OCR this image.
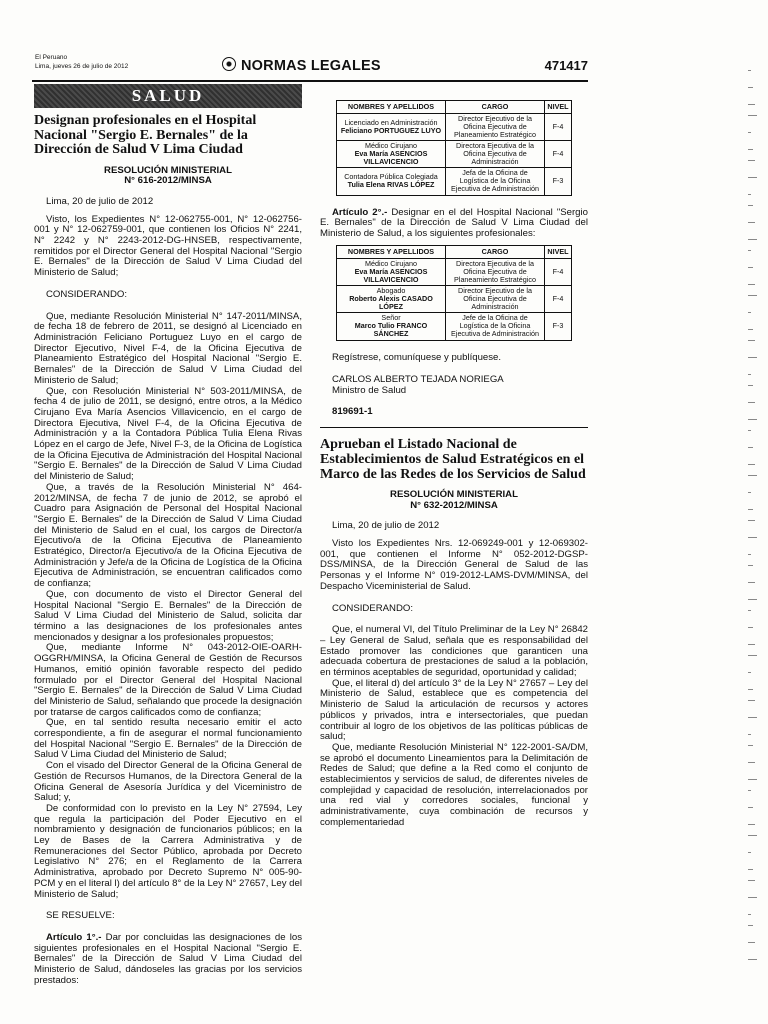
El Peruano
Lima, jueves 26 de julio de 2012	NORMAS LEGALES	471417
SALUD
Designan profesionales en el Hospital Nacional "Sergio E. Bernales" de la Dirección de Salud V Lima Ciudad
RESOLUCIÓN MINISTERIAL
N° 616-2012/MINSA

Lima, 20 de julio de 2012

Visto, los Expedientes N° 12-062755-001, N° 12-062756-001 y N° 12-062759-001, que contienen los Oficios N° 2241, N° 2242 y N° 2243-2012-DG-HNSEB, respectivamente, remitidos por el Director General del Hospital Nacional "Sergio E. Bernales" de la Dirección de Salud V Lima Ciudad del Ministerio de Salud;

CONSIDERANDO:

Que, mediante Resolución Ministerial N° 147-2011/MINSA, de fecha 18 de febrero de 2011, se designó al Licenciado en Administración Feliciano Portuguez Luyo en el cargo de Director Ejecutivo, Nivel F-4, de la Oficina Ejecutiva de Planeamiento Estratégico del Hospital Nacional "Sergio E. Bernales" de la Dirección de Salud V Lima Ciudad del Ministerio de Salud;

Que, con Resolución Ministerial N° 503-2011/MINSA, de fecha 4 de julio de 2011, se designó, entre otros, a la Médico Cirujano Eva María Asencios Villavicencio, en el cargo de Directora Ejecutiva, Nivel F-4, de la Oficina Ejecutiva de Administración y a la Contadora Pública Tulia Elena Rivas López en el cargo de Jefe, Nivel F-3, de la Oficina de Logística de la Oficina Ejecutiva de Administración del Hospital Nacional "Sergio E. Bernales" de la Dirección de Salud V Lima Ciudad del Ministerio de Salud;

Que, a través de la Resolución Ministerial N° 464-2012/MINSA, de fecha 7 de junio de 2012, se aprobó el Cuadro para Asignación de Personal del Hospital Nacional "Sergio E. Bernales" de la Dirección de Salud V Lima Ciudad del Ministerio de Salud en el cual, los cargos de Director/a Ejecutivo/a de la Oficina Ejecutiva de Planeamiento Estratégico, Director/a Ejecutivo/a de la Oficina Ejecutiva de Administración y Jefe/a de la Oficina de Logística de la Oficina Ejecutiva de Administración, se encuentran calificados como de confianza;

Que, con documento de visto el Director General del Hospital Nacional "Sergio E. Bernales" de la Dirección de Salud V Lima Ciudad del Ministerio de Salud, solicita dar término a las designaciones de los profesionales antes mencionados y designar a los profesionales propuestos;

Que, mediante Informe N° 043-2012-OIE-OARH-OGGRH/MINSA, la Oficina General de Gestión de Recursos Humanos, emitió opinión favorable respecto del pedido formulado por el Director General del Hospital Nacional "Sergio E. Bernales" de la Dirección de Salud V Lima Ciudad del Ministerio de Salud, señalando que procede la designación por tratarse de cargos calificados como de confianza;

Que, en tal sentido resulta necesario emitir el acto correspondiente, a fin de asegurar el normal funcionamiento del Hospital Nacional "Sergio E. Bernales" de la Dirección de Salud V Lima Ciudad del Ministerio de Salud;

Con el visado del Director General de la Oficina General de Gestión de Recursos Humanos, de la Directora General de la Oficina General de Asesoría Jurídica y del Viceministro de Salud; y,

De conformidad con lo previsto en la Ley N° 27594, Ley que regula la participación del Poder Ejecutivo en el nombramiento y designación de funcionarios públicos; en la Ley de Bases de la Carrera Administrativa y de Remuneraciones del Sector Público, aprobada por Decreto Legislativo N° 276; en el Reglamento de la Carrera Administrativa, aprobado por Decreto Supremo N° 005-90-PCM y en el literal l) del artículo 8° de la Ley N° 27657, Ley del Ministerio de Salud;

SE RESUELVE:

Artículo 1°.- Dar por concluidas las designaciones de los siguientes profesionales en el Hospital Nacional "Sergio E. Bernales" de la Dirección de Salud V Lima Ciudad del Ministerio de Salud, dándoseles las gracias por los servicios prestados:

NOMBRES Y APELLIDOS	CARGO	NIVEL
Licenciado en Administración
Feliciano PORTUGUEZ LUYO	Director Ejecutivo de la Oficina Ejecutiva de Planeamiento Estratégico	F-4
Médico Cirujano
Eva María ASENCIOS VILLAVICENCIO	Directora Ejecutiva de la Oficina Ejecutiva de Administración	F-4
Contadora Pública Colegiada
Tulia Elena RIVAS LÓPEZ	Jefa de la Oficina de Logística de la Oficina Ejecutiva de Administración	F-3

Artículo 2°.- Designar en el del Hospital Nacional "Sergio E. Bernales" de la Dirección de Salud V Lima Ciudad del Ministerio de Salud, a los siguientes profesionales:

NOMBRES Y APELLIDOS	CARGO	NIVEL
Médico Cirujano
Eva María ASENCIOS VILLAVICENCIO	Directora Ejecutiva de la Oficina Ejecutiva de Planeamiento Estratégico	F-4
Abogado
Roberto Alexis CASADO LÓPEZ	Director Ejecutivo de la Oficina Ejecutiva de Administración	F-4
Señor
Marco Tulio FRANCO SÁNCHEZ	Jefe de la Oficina de Logística de la Oficina Ejecutiva de Administración	F-3

Regístrese, comuníquese y publíquese.

CARLOS ALBERTO TEJADA NORIEGA

Ministro de Salud

819691-1

Aprueban el Listado Nacional de Establecimientos de Salud Estratégicos en el Marco de las Redes de los Servicios de Salud
RESOLUCIÓN MINISTERIAL
N° 632-2012/MINSA

Lima, 20 de julio de 2012

Visto los Expedientes Nrs. 12-069249-001 y 12-069302-001, que contienen el Informe N° 052-2012-DGSP-DSS/MINSA, de la Dirección General de Salud de las Personas y el Informe N° 019-2012-LAMS-DVM/MINSA, del Despacho Viceministerial de Salud.

CONSIDERANDO:

Que, el numeral VI, del Título Preliminar de la Ley N° 26842 – Ley General de Salud, señala que es responsabilidad del Estado promover las condiciones que garanticen una adecuada cobertura de prestaciones de salud a la población, en términos aceptables de seguridad, oportunidad y calidad;

Que, el literal d) del artículo 3° de la Ley N° 27657 – Ley del Ministerio de Salud, establece que es competencia del Ministerio de Salud la articulación de recursos y actores públicos y privados, intra e intersectoriales, que puedan contribuir al logro de los objetivos de las políticas públicas de salud;

Que, mediante Resolución Ministerial N° 122-2001-SA/DM, se aprobó el documento Lineamientos para la Delimitación de Redes de Salud; que define a la Red como el conjunto de establecimientos y servicios de salud, de diferentes niveles de complejidad y capacidad de resolución, interrelacionados por una red vial y corredores sociales, funcional y administrativamente, cuya combinación de recursos y complementariedad
